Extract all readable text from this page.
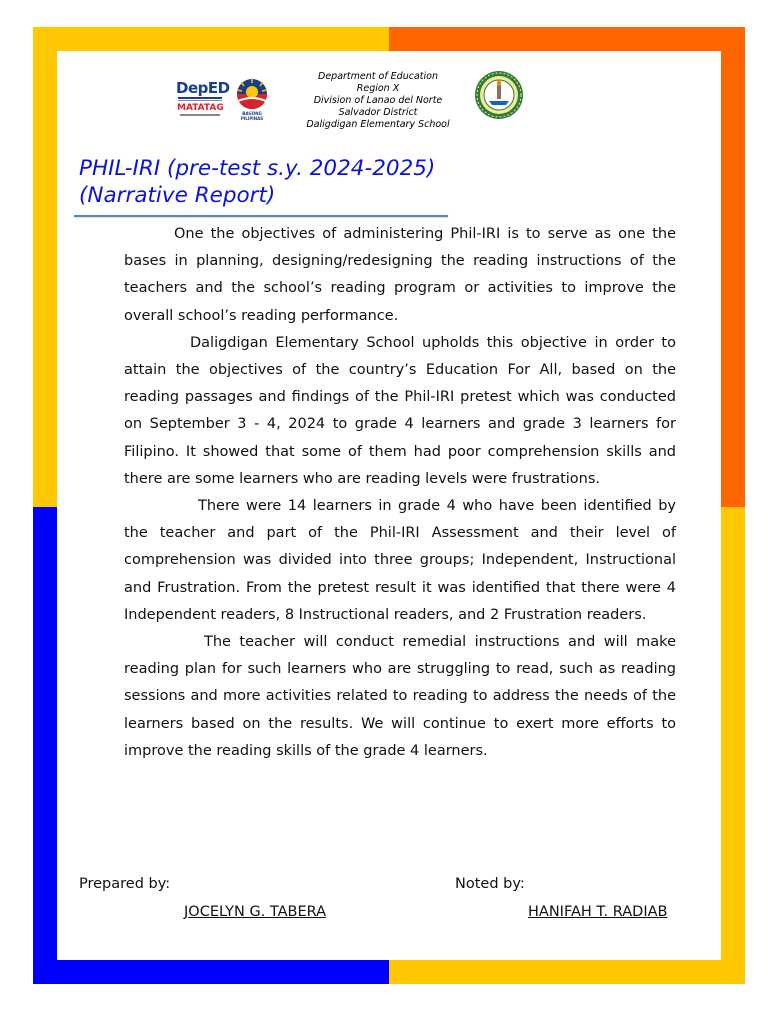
DepED
MATATAG
BAGONG PILIPINAS
Department of Education
Region X
Division of Lanao del Norte
Salvador District
Daligdigan Elementary School
PHIL-IRI (pre-test s.y. 2024-2025)
(Narrative Report)

One the objectives of administering Phil-IRI is to serve as one the bases in planning, designing/redesigning the reading instructions of the teachers and the school’s reading program or activities to improve the overall school’s reading performance.

Daligdigan Elementary School upholds this objective in order to attain the objectives of the country’s Education For All, based on the reading passages and findings of the Phil-IRI pretest which was conducted on September 3 - 4, 2024 to grade 4 learners and grade 3 learners for Filipino. It showed that some of them had poor comprehension skills and there are some learners who are reading levels were frustrations.

There were 14 learners in grade 4 who have been identified by the teacher and part of the Phil-IRI Assessment and their level of comprehension was divided into three groups; Independent, Instructional and Frustration. From the pretest result it was identified that there were 4 Independent readers, 8 Instructional readers, and 2 Frustration readers.

The teacher will conduct remedial instructions and will make reading plan for such learners who are struggling to read, such as reading sessions and more activities related to reading to address the needs of the learners based on the results. We will continue to exert more efforts to improve the reading skills of the grade 4 learners.

Prepared by:
JOCELYN G. TABERA
Noted by:
HANIFAH T. RADIAB
